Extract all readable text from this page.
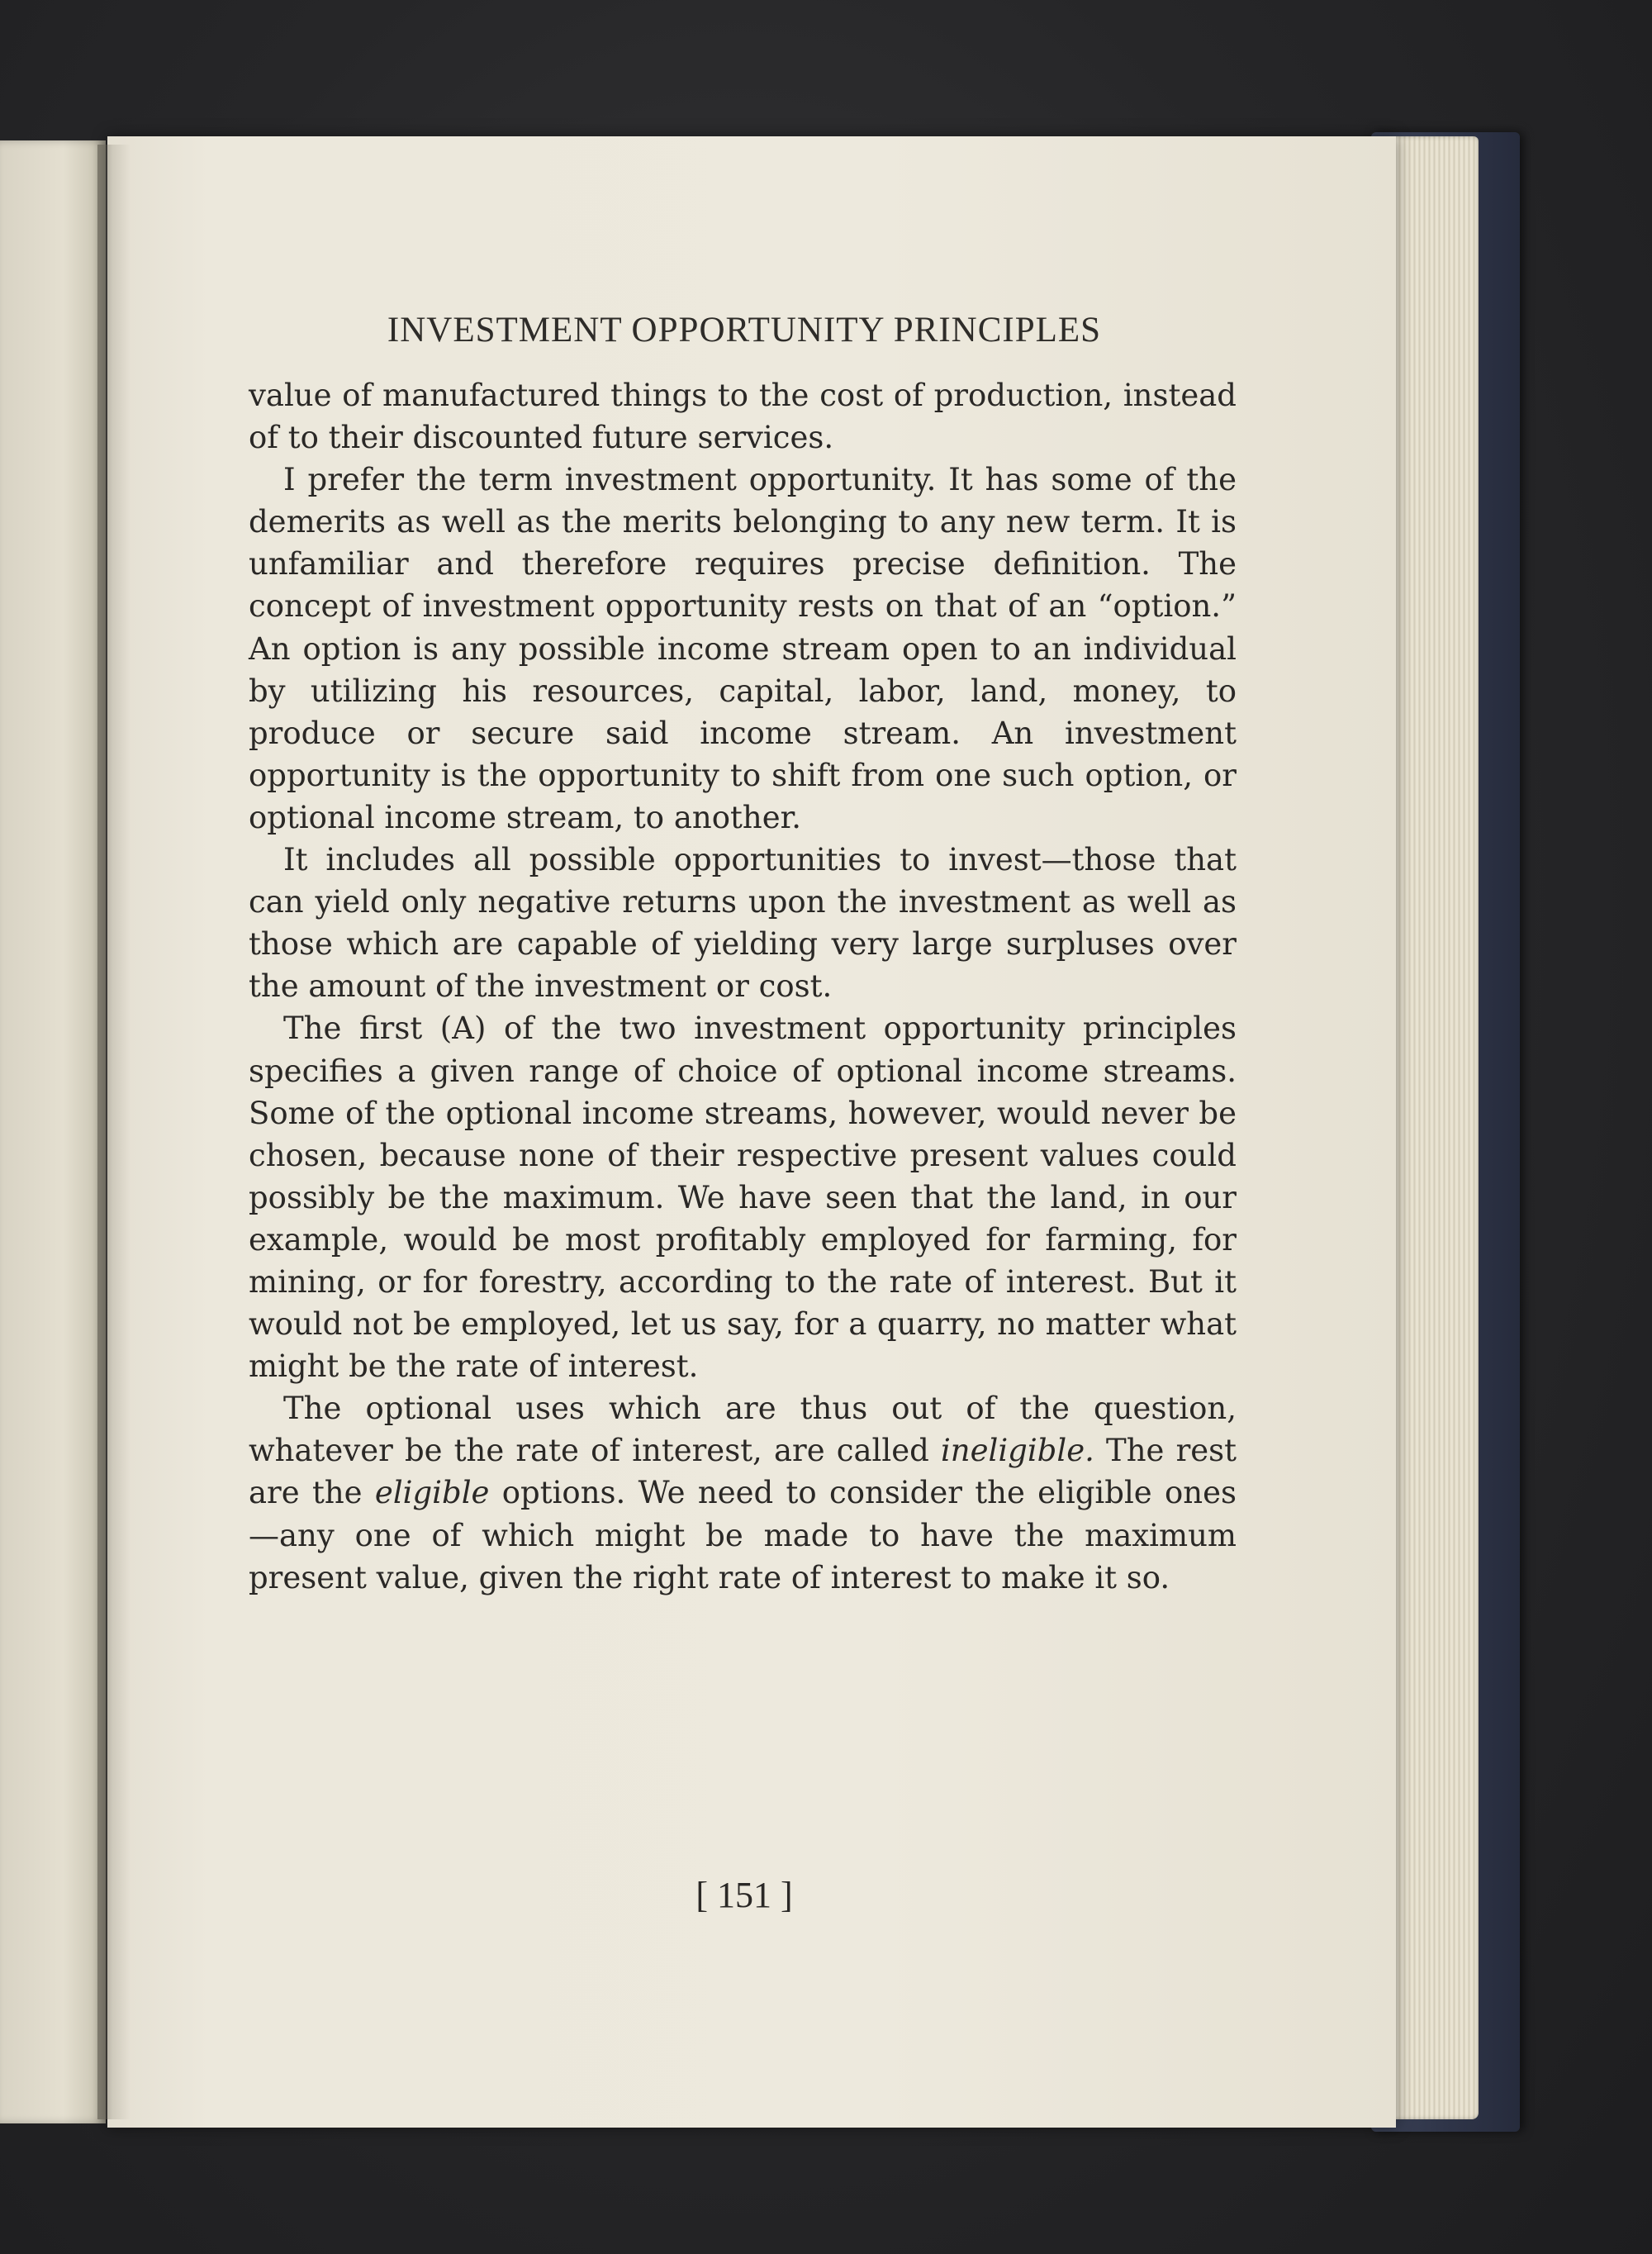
INVESTMENT OPPORTUNITY PRINCIPLES

value of manufactured things to the cost of production, instead of to their discounted future services.

I prefer the term investment opportunity. It has some of the demerits as well as the merits belonging to any new term. It is unfamiliar and therefore requires precise definition. The concept of investment opportunity rests on that of an “option.” An option is any possible income stream open to an individual by utilizing his resources, capital, labor, land, money, to produce or secure said income stream. An investment opportunity is the opportunity to shift from one such option, or optional income stream, to another.

It includes all possible opportunities to invest—those that can yield only negative returns upon the investment as well as those which are capable of yielding very large surpluses over the amount of the investment or cost.

The first (A) of the two investment opportunity principles specifies a given range of choice of optional income streams. Some of the optional income streams, however, would never be chosen, because none of their respective present values could possibly be the maximum. We have seen that the land, in our example, would be most profitably employed for farming, for mining, or for forestry, according to the rate of interest. But it would not be employed, let us say, for a quarry, no matter what might be the rate of interest.

The optional uses which are thus out of the question, whatever be the rate of interest, are called ineligible. The rest are the eligible options. We need to consider the eligible ones—any one of which might be made to have the maximum present value, given the right rate of interest to make it so.

[ 151 ]
